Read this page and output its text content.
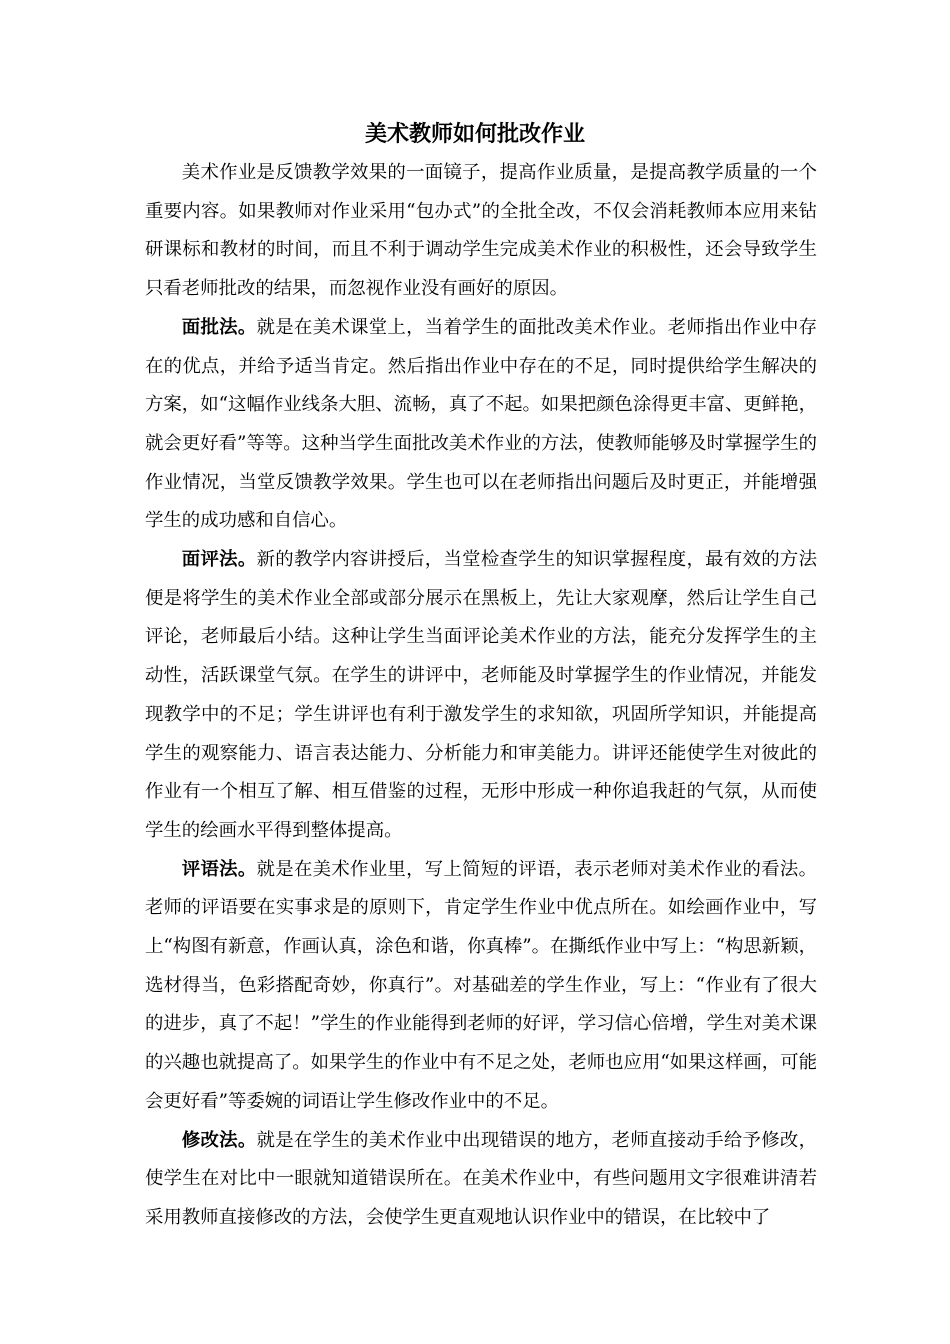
美术教师如何批改作业

美术作业是反馈教学效果的一面镜子，提高作业质量，是提高教学质量的一个重要内容。如果教师对作业采用“包办式”的全批全改，不仅会消耗教师本应用来钻研课标和教材的时间，而且不利于调动学生完成美术作业的积极性，还会导致学生只看老师批改的结果，而忽视作业没有画好的原因。

面批法。就是在美术课堂上，当着学生的面批改美术作业。老师指出作业中存在的优点，并给予适当肯定。然后指出作业中存在的不足，同时提供给学生解决的方案，如“这幅作业线条大胆、流畅，真了不起。如果把颜色涂得更丰富、更鲜艳，就会更好看”等等。这种当学生面批改美术作业的方法，使教师能够及时掌握学生的作业情况，当堂反馈教学效果。学生也可以在老师指出问题后及时更正，并能增强学生的成功感和自信心。

面评法。新的教学内容讲授后，当堂检查学生的知识掌握程度，最有效的方法便是将学生的美术作业全部或部分展示在黑板上，先让大家观摩，然后让学生自己评论，老师最后小结。这种让学生当面评论美术作业的方法，能充分发挥学生的主动性，活跃课堂气氛。在学生的讲评中，老师能及时掌握学生的作业情况，并能发现教学中的不足；学生讲评也有利于激发学生的求知欲，巩固所学知识，并能提高学生的观察能力、语言表达能力、分析能力和审美能力。讲评还能使学生对彼此的作业有一个相互了解、相互借鉴的过程，无形中形成一种你追我赶的气氛，从而使学生的绘画水平得到整体提高。

评语法。就是在美术作业里，写上简短的评语，表示老师对美术作业的看法。老师的评语要在实事求是的原则下，肯定学生作业中优点所在。如绘画作业中，写上“构图有新意，作画认真，涂色和谐，你真棒”。在撕纸作业中写上：“构思新颖，选材得当，色彩搭配奇妙，你真行”。对基础差的学生作业，写上：“作业有了很大的进步，真了不起！”学生的作业能得到老师的好评，学习信心倍增，学生对美术课的兴趣也就提高了。如果学生的作业中有不足之处，老师也应用“如果这样画，可能会更好看”等委婉的词语让学生修改作业中的不足。

修改法。就是在学生的美术作业中出现错误的地方，老师直接动手给予修改，使学生在对比中一眼就知道错误所在。在美术作业中，有些问题用文字很难讲清若采用教师直接修改的方法，会使学生更直观地认识作业中的错误，在比较中了
